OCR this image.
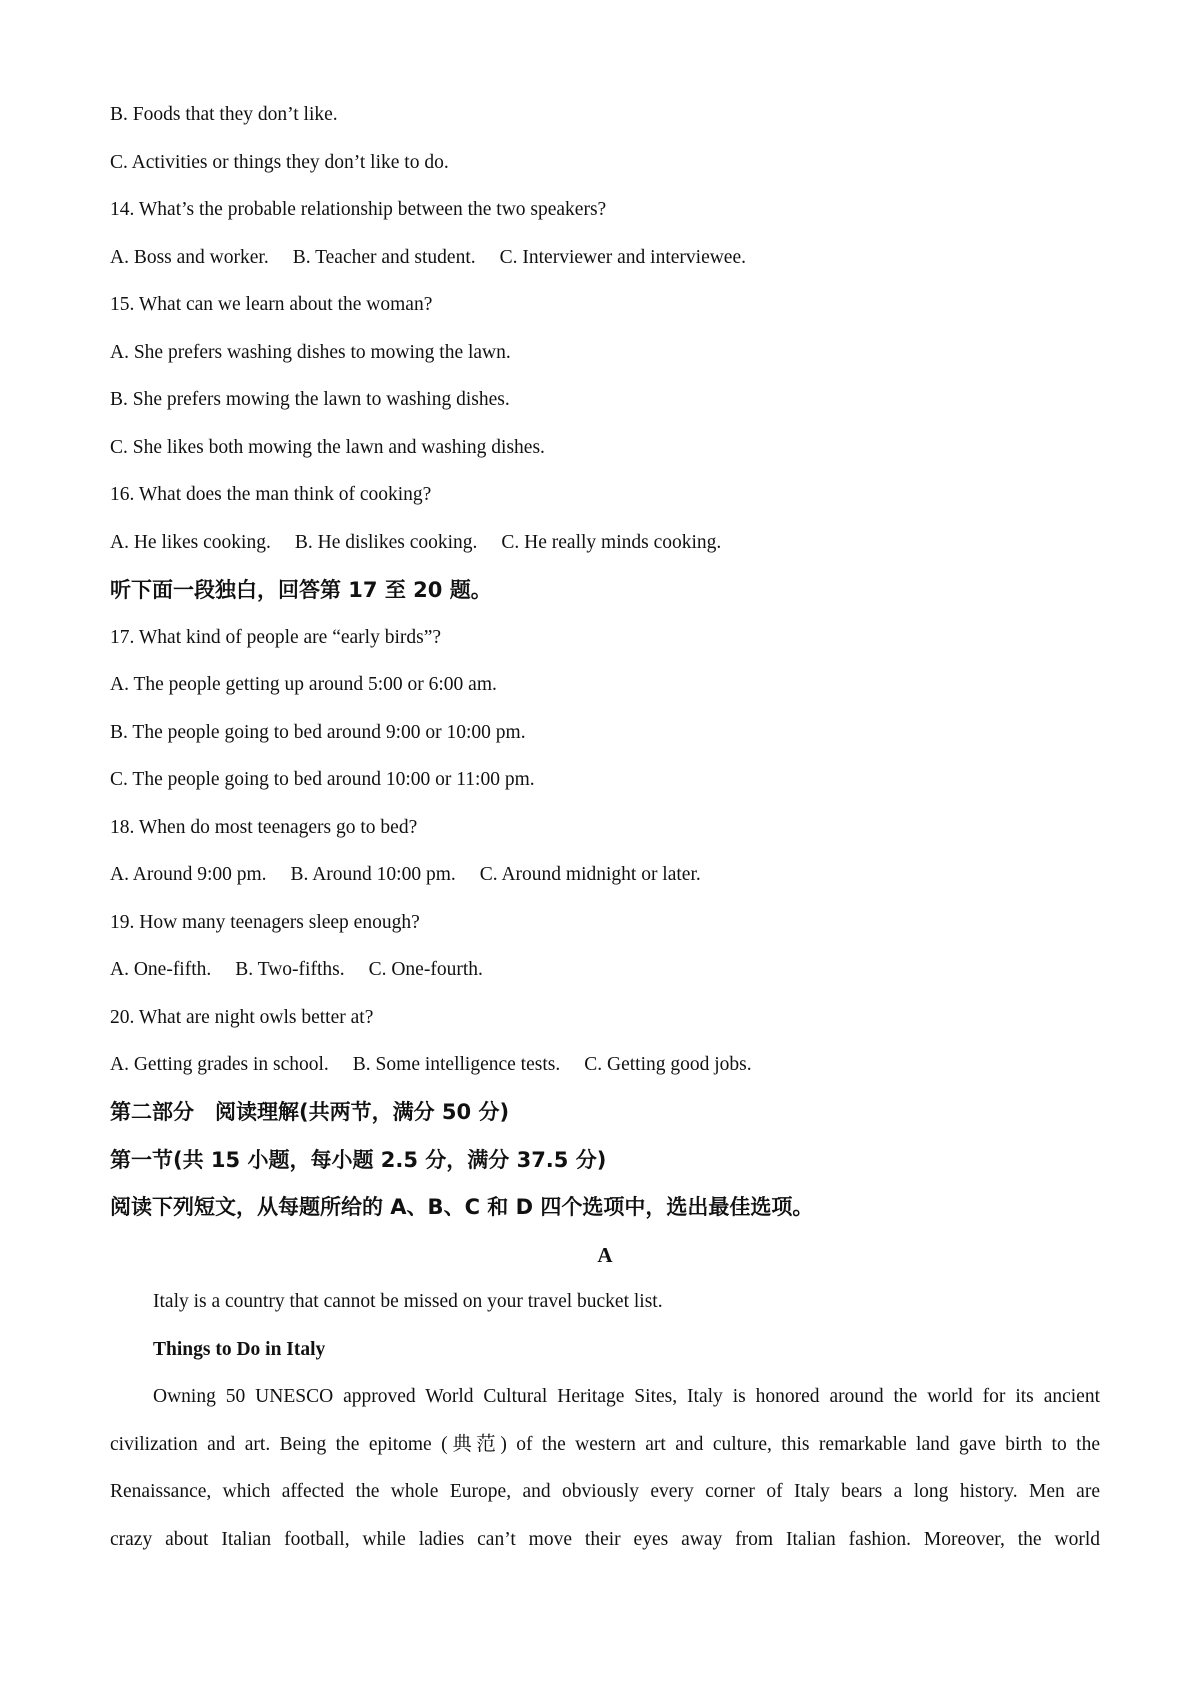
B. Foods that they don’t like.
C. Activities or things they don’t like to do.
14. What’s the probable relationship between the two speakers?
A. Boss and worker. B. Teacher and student. C. Interviewer and interviewee.
15. What can we learn about the woman?
A. She prefers washing dishes to mowing the lawn.
B. She prefers mowing the lawn to washing dishes.
C. She likes both mowing the lawn and washing dishes.
16. What does the man think of cooking?
A. He likes cooking. B. He dislikes cooking. C. He really minds cooking.
听下面一段独白，回答第 17 至 20 题。
17. What kind of people are “early birds”?
A. The people getting up around 5:00 or 6:00 am.
B. The people going to bed around 9:00 or 10:00 pm.
C. The people going to bed around 10:00 or 11:00 pm.
18. When do most teenagers go to bed?
A. Around 9:00 pm. B. Around 10:00 pm. C. Around midnight or later.
19. How many teenagers sleep enough?
A. One-fifth. B. Two-fifths. C. One-fourth.
20. What are night owls better at?
A. Getting grades in school. B. Some intelligence tests. C. Getting good jobs.
第二部分　阅读理解(共两节，满分 50 分)
第一节(共 15 小题，每小题 2.5 分，满分 37.5 分)
阅读下列短文，从每题所给的 A、B、C 和 D 四个选项中，选出最佳选项。
A
Italy is a country that cannot be missed on your travel bucket list.
Things to Do in Italy
Owning 50 UNESCO approved World Cultural Heritage Sites, Italy is honored around the world for its ancient
civilization and art. Being the epitome (典范) of the western art and culture, this remarkable land gave birth to the
Renaissance, which affected the whole Europe, and obviously every corner of Italy bears a long history. Men are
crazy about Italian football, while ladies can’t move their eyes away from Italian fashion. Moreover, the world
